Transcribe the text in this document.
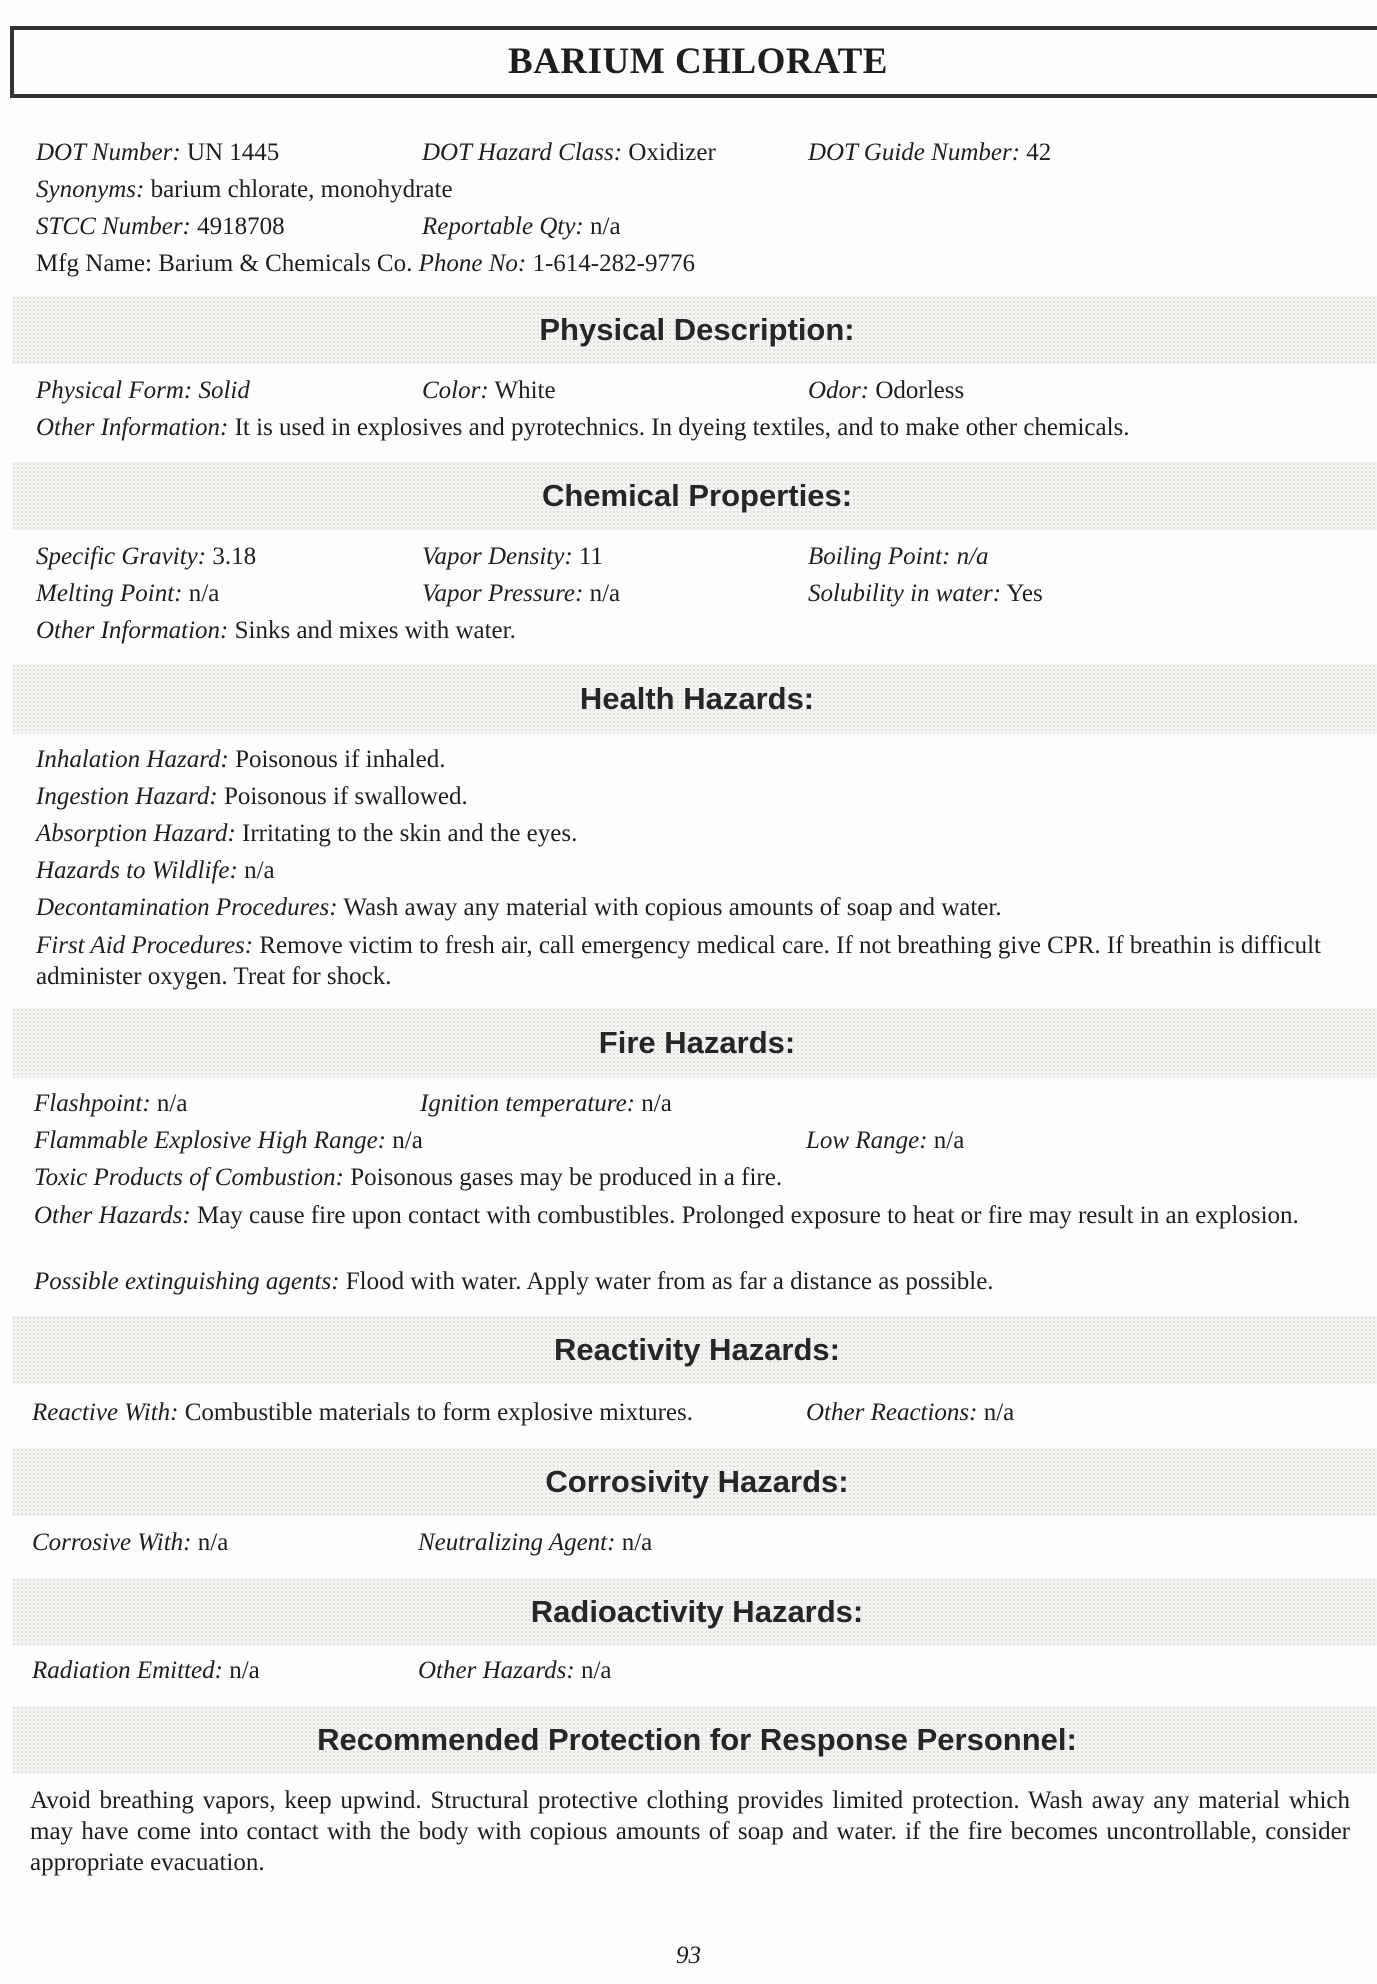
BARIUM CHLORATE
DOT Number: UN 1445	DOT Hazard Class: Oxidizer	DOT Guide Number: 42
Synonyms: barium chlorate, monohydrate
STCC Number: 4918708	Reportable Qty: n/a
Mfg Name: Barium & Chemicals Co. Phone No: 1-614-282-9776
Physical Description:
Physical Form: Solid	Color: White	Odor: Odorless
Other Information: It is used in explosives and pyrotechnics. In dyeing textiles, and to make other chemicals.
Chemical Properties:
Specific Gravity: 3.18	Vapor Density: 11	Boiling Point: n/a
Melting Point: n/a	Vapor Pressure: n/a	Solubility in water: Yes
Other Information: Sinks and mixes with water.
Health Hazards:
Inhalation Hazard: Poisonous if inhaled.
Ingestion Hazard: Poisonous if swallowed.
Absorption Hazard: Irritating to the skin and the eyes.
Hazards to Wildlife: n/a
Decontamination Procedures: Wash away any material with copious amounts of soap and water.
First Aid Procedures: Remove victim to fresh air, call emergency medical care. If not breathing give CPR. If breathin is difficult administer oxygen. Treat for shock.
Fire Hazards:
Flashpoint: n/a	Ignition temperature: n/a
Flammable Explosive High Range: n/a	Low Range: n/a
Toxic Products of Combustion: Poisonous gases may be produced in a fire.
Other Hazards: May cause fire upon contact with combustibles. Prolonged exposure to heat or fire may result in an explosion.
Possible extinguishing agents: Flood with water. Apply water from as far a distance as possible.
Reactivity Hazards:
Reactive With: Combustible materials to form explosive mixtures.	Other Reactions: n/a
Corrosivity Hazards:
Corrosive With: n/a	Neutralizing Agent: n/a
Radioactivity Hazards:
Radiation Emitted: n/a	Other Hazards: n/a
Recommended Protection for Response Personnel:
Avoid breathing vapors, keep upwind. Structural protective clothing provides limited protection. Wash away any material which may have come into contact with the body with copious amounts of soap and water. if the fire becomes uncontrollable, consider appropriate evacuation.
93
